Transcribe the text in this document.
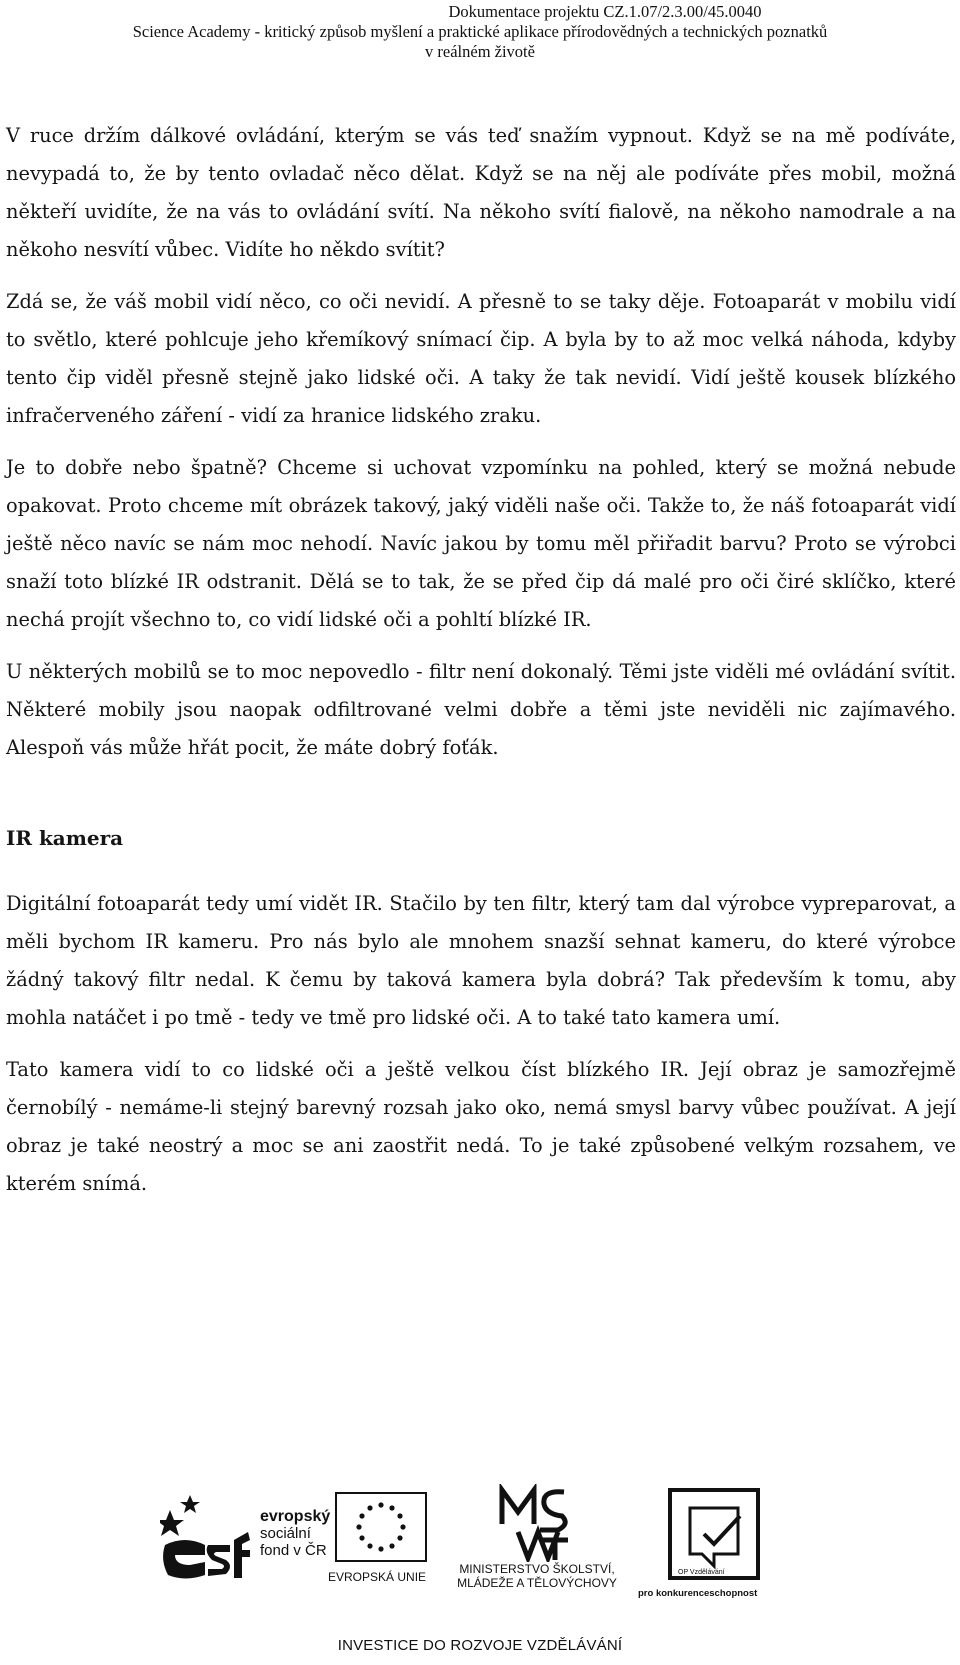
Dokumentace projektu CZ.1.07/2.3.00/45.0040
Science Academy - kritický způsob myšlení a praktické aplikace přírodovědných a technických poznatků
v reálném životě

V ruce držím dálkové ovládání, kterým se vás teď snažím vypnout. Když se na mě podíváte, nevypadá to, že by tento ovladač něco dělat. Když se na něj ale podíváte přes mobil, možná někteří uvidíte, že na vás to ovládání svítí. Na někoho svítí fialově, na někoho namodrale a na někoho nesvítí vůbec. Vidíte ho někdo svítit?

Zdá se, že váš mobil vidí něco, co oči nevidí. A přesně to se taky děje. Fotoaparát v mobilu vidí to světlo, které pohlcuje jeho křemíkový snímací čip. A byla by to až moc velká náhoda, kdyby tento čip viděl přesně stejně jako lidské oči. A taky že tak nevidí. Vidí ještě kousek blízkého infračerveného záření - vidí za hranice lidského zraku.

Je to dobře nebo špatně? Chceme si uchovat vzpomínku na pohled, který se možná nebude opakovat. Proto chceme mít obrázek takový, jaký viděli naše oči. Takže to, že náš fotoaparát vidí ještě něco navíc se nám moc nehodí. Navíc jakou by tomu měl přiřadit barvu? Proto se výrobci snaží toto blízké IR odstranit. Dělá se to tak, že se před čip dá malé pro oči čiré sklíčko, které nechá projít všechno to, co vidí lidské oči a pohltí blízké IR.

U některých mobilů se to moc nepovedlo - filtr není dokonalý. Těmi jste viděli mé ovládání svítit. Některé mobily jsou naopak odfiltrované velmi dobře a těmi jste neviděli nic zajímavého. Alespoň vás může hřát pocit, že máte dobrý foťák.

IR kamera

Digitální fotoaparát tedy umí vidět IR. Stačilo by ten filtr, který tam dal výrobce vypreparovat, a měli bychom IR kameru. Pro nás bylo ale mnohem snazší sehnat kameru, do které výrobce žádný takový filtr nedal. K čemu by taková kamera byla dobrá? Tak především k tomu, aby mohla natáčet i po tmě - tedy ve tmě pro lidské oči. A to také tato kamera umí.

Tato kamera vidí to co lidské oči a ještě velkou číst blízkého IR. Její obraz je samozřejmě černobílý - nemáme-li stejný barevný rozsah jako oko, nemá smysl barvy vůbec používat. A její obraz je také neostrý a moc se ani zaostřit nedá. To je také způsobené velkým rozsahem, ve kterém snímá.

evropský
sociální
fond v ČR
EVROPSKÁ UNIE
MINISTERSTVO ŠKOLSTVÍ,
MLÁDEŽE A TĚLOVÝCHOVY
OP Vzdělávání
pro konkurenceschopnost
INVESTICE DO ROZVOJE VZDĚLÁVÁNÍ
